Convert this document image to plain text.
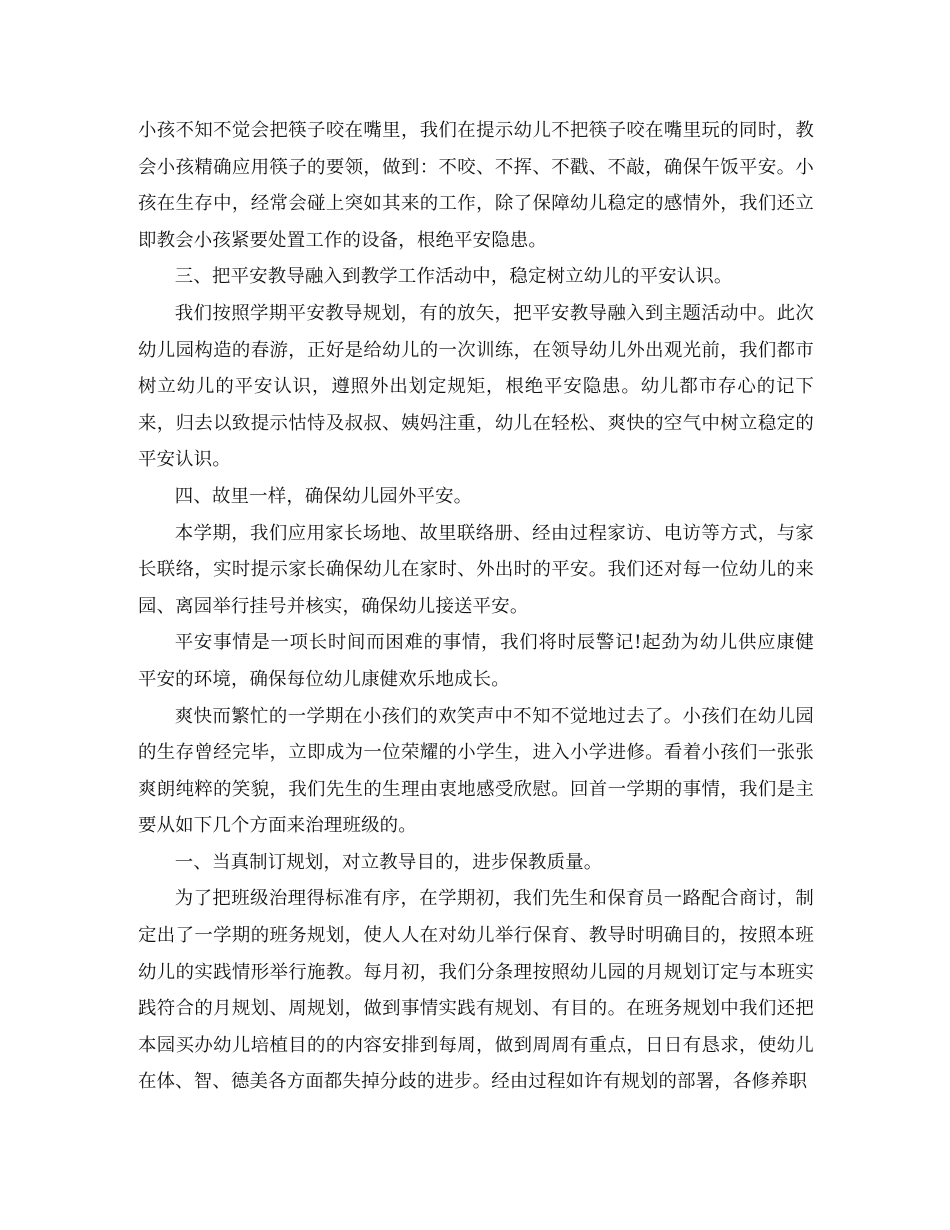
小孩不知不觉会把筷子咬在嘴里，我们在提示幼儿不把筷子咬在嘴里玩的同时，教会小孩精确应用筷子的要领，做到：不咬、不挥、不戳、不敲，确保午饭平安。小孩在生存中，经常会碰上突如其来的工作，除了保障幼儿稳定的感情外，我们还立即教会小孩紧要处置工作的设备，根绝平安隐患。

三、把平安教导融入到教学工作活动中，稳定树立幼儿的平安认识。

我们按照学期平安教导规划，有的放矢，把平安教导融入到主题活动中。此次幼儿园构造的春游，正好是给幼儿的一次训练，在领导幼儿外出观光前，我们都市树立幼儿的平安认识，遵照外出划定规矩，根绝平安隐患。幼儿都市存心的记下来，归去以致提示怙恃及叔叔、姨妈注重，幼儿在轻松、爽快的空气中树立稳定的平安认识。

四、故里一样，确保幼儿园外平安。

本学期，我们应用家长场地、故里联络册、经由过程家访、电访等方式，与家长联络，实时提示家长确保幼儿在家时、外出时的平安。我们还对每一位幼儿的来园、离园举行挂号并核实，确保幼儿接送平安。

平安事情是一项长时间而困难的事情，我们将时辰警记!起劲为幼儿供应康健平安的环境，确保每位幼儿康健欢乐地成长。

爽快而繁忙的一学期在小孩们的欢笑声中不知不觉地过去了。小孩们在幼儿园的生存曾经完毕，立即成为一位荣耀的小学生，进入小学进修。看着小孩们一张张爽朗纯粹的笑貌，我们先生的生理由衷地感受欣慰。回首一学期的事情，我们是主要从如下几个方面来治理班级的。

一、当真制订规划，对立教导目的，进步保教质量。

为了把班级治理得标准有序，在学期初，我们先生和保育员一路配合商讨，制定出了一学期的班务规划，使人人在对幼儿举行保育、教导时明确目的，按照本班幼儿的实践情形举行施教。每月初，我们分条理按照幼儿园的月规划订定与本班实践符合的月规划、周规划，做到事情实践有规划、有目的。在班务规划中我们还把本园买办幼儿培植目的的内容安排到每周，做到周周有重点，日日有恳求，使幼儿在体、智、德美各方面都失掉分歧的进步。经由过程如许有规划的部署，各修养职
